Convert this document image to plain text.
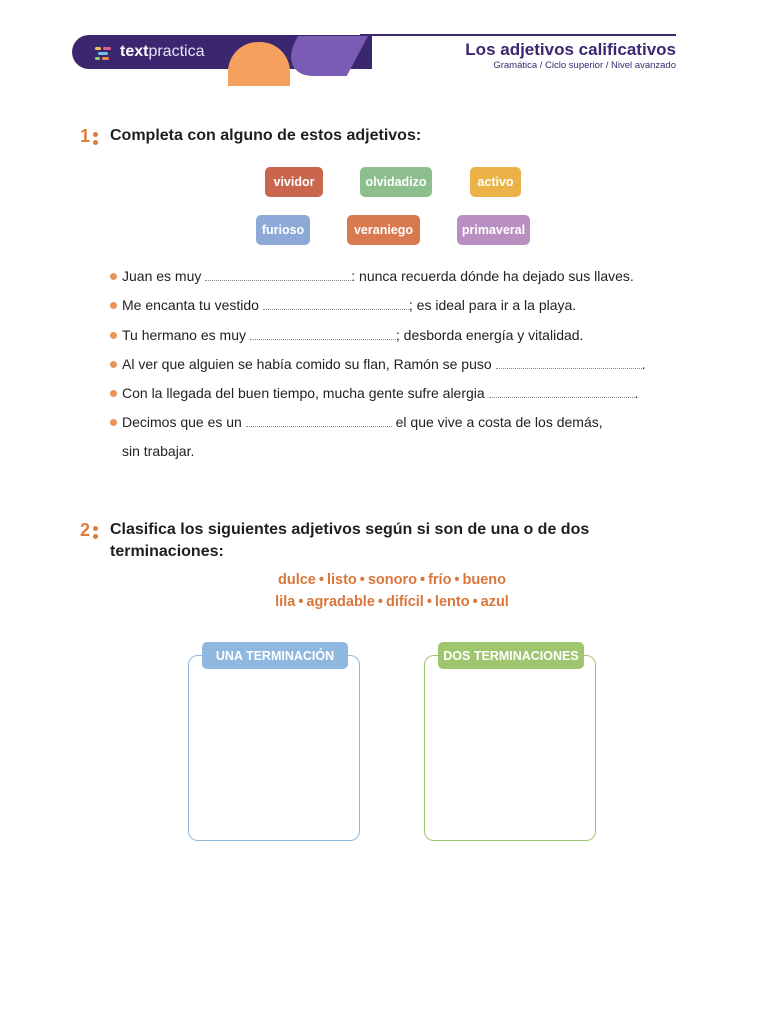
textpractica	Los adjetivos calificativos
Gramática / Ciclo superior / Nivel avanzado
1	Completa con alguno de estos adjetivos:
vividor	olvidadizo	activo
furioso	veraniego	primaveral
Juan es muy	: nunca recuerda dónde ha dejado sus llaves.
Me encanta tu vestido	; es ideal para ir a la playa.
Tu hermano es muy	; desborda energía y vitalidad.
Al ver que alguien se había comido su flan, Ramón se puso	.
Con la llegada del buen tiempo, mucha gente sufre alergia	.
Decimos que es un	el que vive a costa de los demás,
sin trabajar.
2	Clasifica los siguientes adjetivos según si son de una o de dos
terminaciones:
dulce • listo • sonoro • frío • bueno
lila • agradable • difícil • lento • azul
UNA TERMINACIÓN	DOS TERMINACIONES
